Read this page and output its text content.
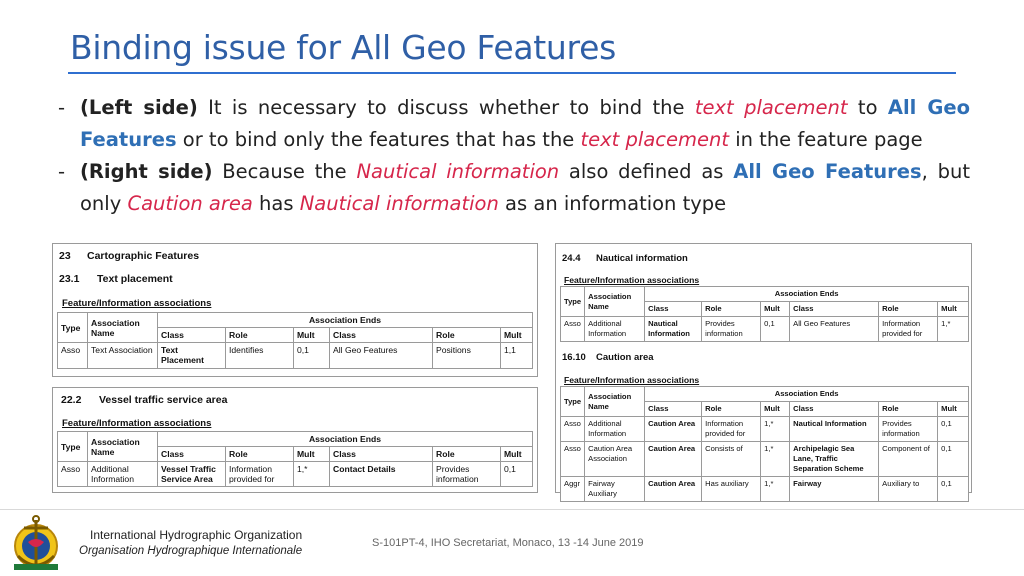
Binding issue for All Geo Features
- (Left side) It is necessary to discuss whether to bind the text placement to All Geo Features or to bind only the features that has the text placement in the feature page
- (Right side) Because the Nautical information also defined as All Geo Features, but only Caution area has Nautical information as an information type
23 Cartographic Features
23.1 Text placement
Feature/Information associations
Type	Association Name	Association Ends					
		Class	Role	Mult	Class	Role	Mult
Asso	Text Association	Text Placement	Identifies	0,1	All Geo Features	Positions	1,1
22.2 Vessel traffic service area
Feature/Information associations
Type	Association Name	Association Ends					
		Class	Role	Mult	Class	Role	Mult
Asso	Additional Information	Vessel Traffic Service Area	Information provided for	1,*	Contact Details	Provides information	0,1
24.4 Nautical information
Feature/Information associations
Type	Association Name	Association Ends					
		Class	Role	Mult	Class	Role	Mult
Asso	Additional Information	Nautical Information	Provides information	0,1	All Geo Features	Information provided for	1,*
16.10 Caution area
Feature/Information associations
Type	Association Name	Association Ends					
		Class	Role	Mult	Class	Role	Mult
Asso	Additional Information	Caution Area	Information provided for	1,*	Nautical Information	Provides information	0,1
Asso	Caution Area Association	Caution Area	Consists of	1,*	Archipelagic Sea Lane, Traffic Separation Scheme	Component of	0,1
Aggr	Fairway Auxiliary	Caution Area	Has auxiliary	1,*	Fairway	Auxiliary to	0,1
International Hydrographic Organization
Organisation Hydrographique Internationale
S-101PT-4, IHO Secretariat, Monaco, 13 -14 June 2019
